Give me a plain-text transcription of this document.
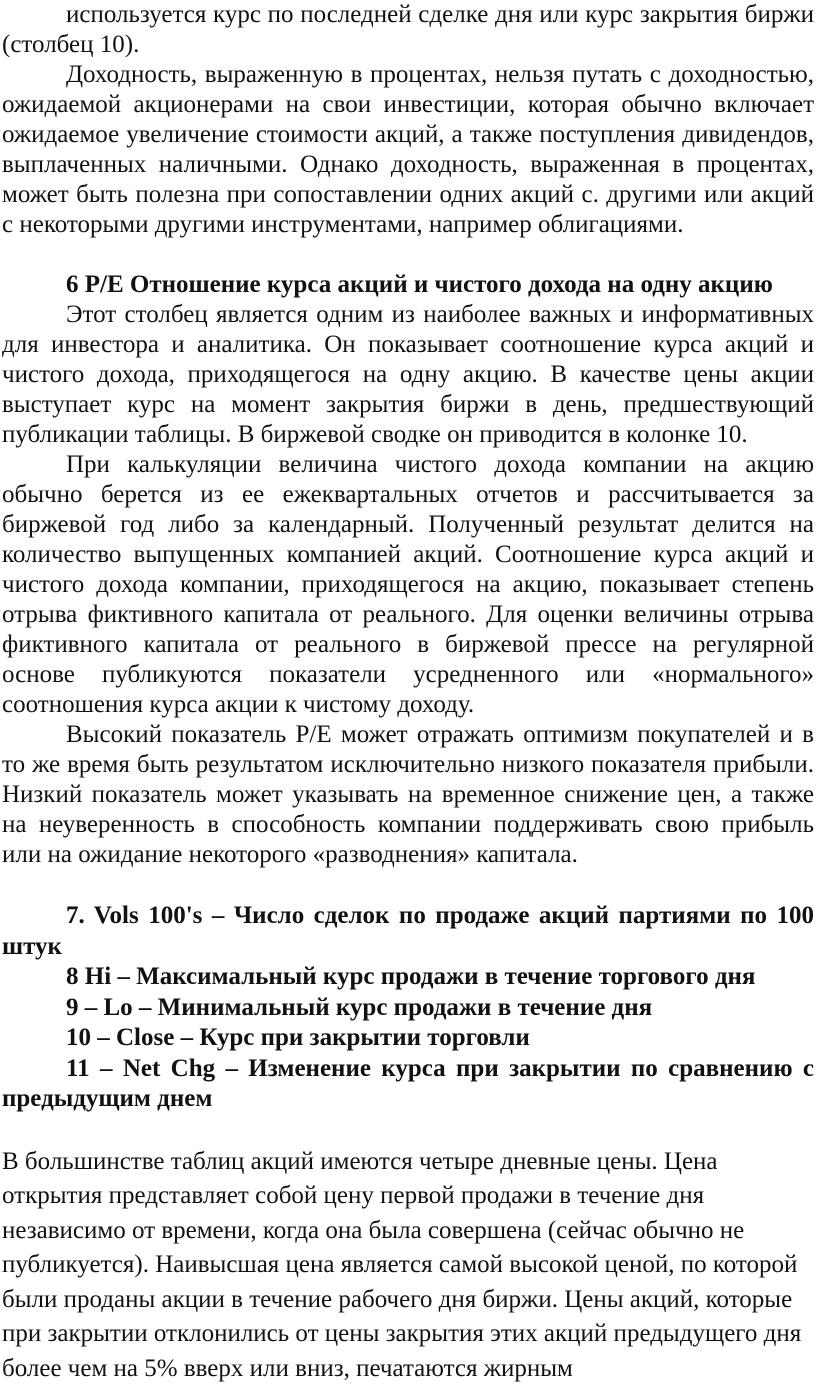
используется курс по последней сделке дня или курс закрытия биржи (столбец 10).

Доходность, выраженную в процентах, нельзя путать с доходностью, ожидаемой акционерами на свои инвестиции, которая обычно включает ожидаемое увеличение стоимости акций, а также поступления дивидендов, выплаченных наличными. Однако доходность, выраженная в процентах, может быть полезна при сопоставлении одних акций с. другими или акций с некоторыми другими инструментами, например облигациями.

6 P/E Отношение курса акций и чистого дохода на одну акцию

Этот столбец является одним из наиболее важных и информативных для инвестора и аналитика. Он показывает соотношение курса акций и чистого дохода, приходящегося на одну акцию. В качестве цены акции выступает курс на момент закрытия биржи в день, предшествующий публикации таблицы. В биржевой сводке он приводится в колонке 10.

При калькуляции величина чистого дохода компании на акцию обычно берется из ее ежеквартальных отчетов и рассчитывается за биржевой год либо за календарный. Полученный результат делится на количество выпущенных компанией акций. Соотношение курса акций и чистого дохода компании, приходящегося на акцию, показывает степень отрыва фиктивного капитала от реального. Для оценки величины отрыва фиктивного капитала от реального в биржевой прессе на регулярной основе публикуются показатели усредненного или «нормального» соотношения курса акции к чистому доходу.

Высокий показатель P/E может отражать оптимизм покупателей и в то же время быть результатом исключительно низкого показателя прибыли. Низкий показатель может указывать на временное снижение цен, а также на неуверенность в способность компании поддерживать свою прибыль или на ожидание некоторого «разводнения» капитала.

7. Vols 100's – Число сделок по продаже акций партиями по 100 штук

8 Hi – Максимальный курс продажи в течение торгового дня

9 – Lo – Минимальный курс продажи в течение дня

10 – Close – Курс при закрытии торговли

11 – Net Chg – Изменение курса при закрытии по сравнению с предыдущим днем

В большинстве таблиц акций имеются четыре дневные цены. Цена открытия представляет собой цену первой продажи в течение дня независимо от времени, когда она была совершена (сейчас обычно не публикуется). Наивысшая цена является самой высокой ценой, по которой были проданы акции в течение рабочего дня биржи. Цены акций, которые при закрытии отклонились от цены закрытия этих акций предыдущего дня более чем на 5% вверх или вниз, печатаются жирным
